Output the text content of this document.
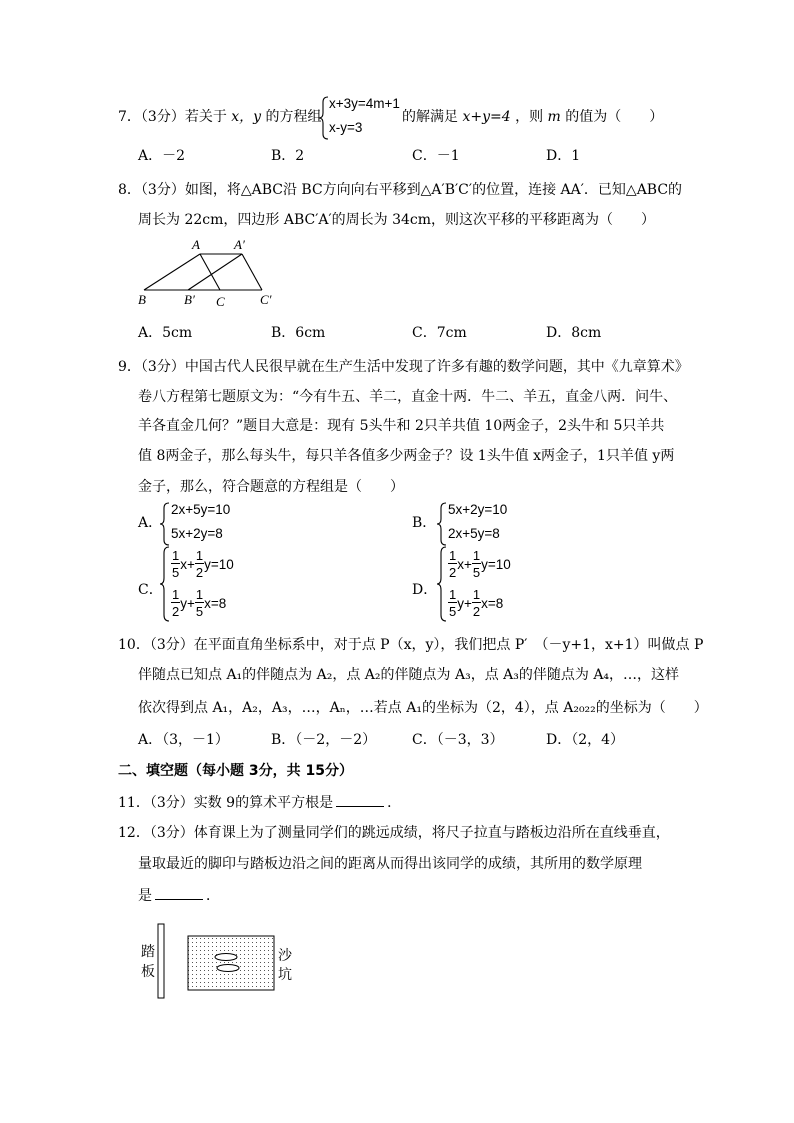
7．（3分）若关于 x，y 的方程组
x+3y=4m+1
x-y=3
的解满足 x+y=4 ，则 m 的值为（　　）
A．－2	B．2	C．－1	D．1
8．（3分）如图，将△ABC沿 BC方向向右平移到△A′B′C′的位置，连接 AA′．已知△ABC的
周长为 22cm，四边形 ABC′A′的周长为 34cm，则这次平移的平移距离为（　　）
A	A′
B	B′ C	C′
A．5cm	B．6cm	C．7cm	D．8cm
9．（3分）中国古代人民很早就在生产生活中发现了许多有趣的数学问题，其中《九章算术》
卷八方程第七题原文为：“今有牛五、羊二，直金十两．牛二、羊五，直金八两．问牛、
羊各直金几何？”题目大意是：现有 5头牛和 2只羊共值 10两金子，2头牛和 5只羊共
值 8两金子，那么每头牛，每只羊各值多少两金子？设 1头牛值 x两金子，1只羊值 y两
金子，那么，符合题意的方程组是（　　）
A．
2x+5y=10
5x+2y=8
B．
5x+2y=10
2x+5y=8
C．
$\frac{1}{5} x+ \frac{1}{2} y=10$
$\frac{1}{2} y+ \frac{1}{5} x=8$
D．
$\frac{1}{2} x+ \frac{1}{5} y=10$
$\frac{1}{5} y+ \frac{1}{2} x=8$
10．（3分）在平面直角坐标系中，对于点 P（x，y），我们把点 P′　（－y+1，x+1）叫做点 P
伴随点已知点 A₁的伴随点为 A₂，点 A₂的伴随点为 A₃，点 A₃的伴随点为 A₄，…，这样
依次得到点 A₁，A₂，A₃，…，Aₙ，…若点 A₁的坐标为（2，4），点 A₂₀₂₂的坐标为（　　）
A．（3，－1）	B．（－2，－2）	C．（－3，3）	D．（2，4）
二、填空题（每小题 3分，共 15分）
11．（3分）实数 9的算术平方根是	．
12．（3分）体育课上为了测量同学们的跳远成绩，将尺子拉直与踏板边沿所在直线垂直，
量取最近的脚印与踏板边沿之间的距离从而得出该同学的成绩，其所用的数学原理
是	．
踏
板
沙
坑
